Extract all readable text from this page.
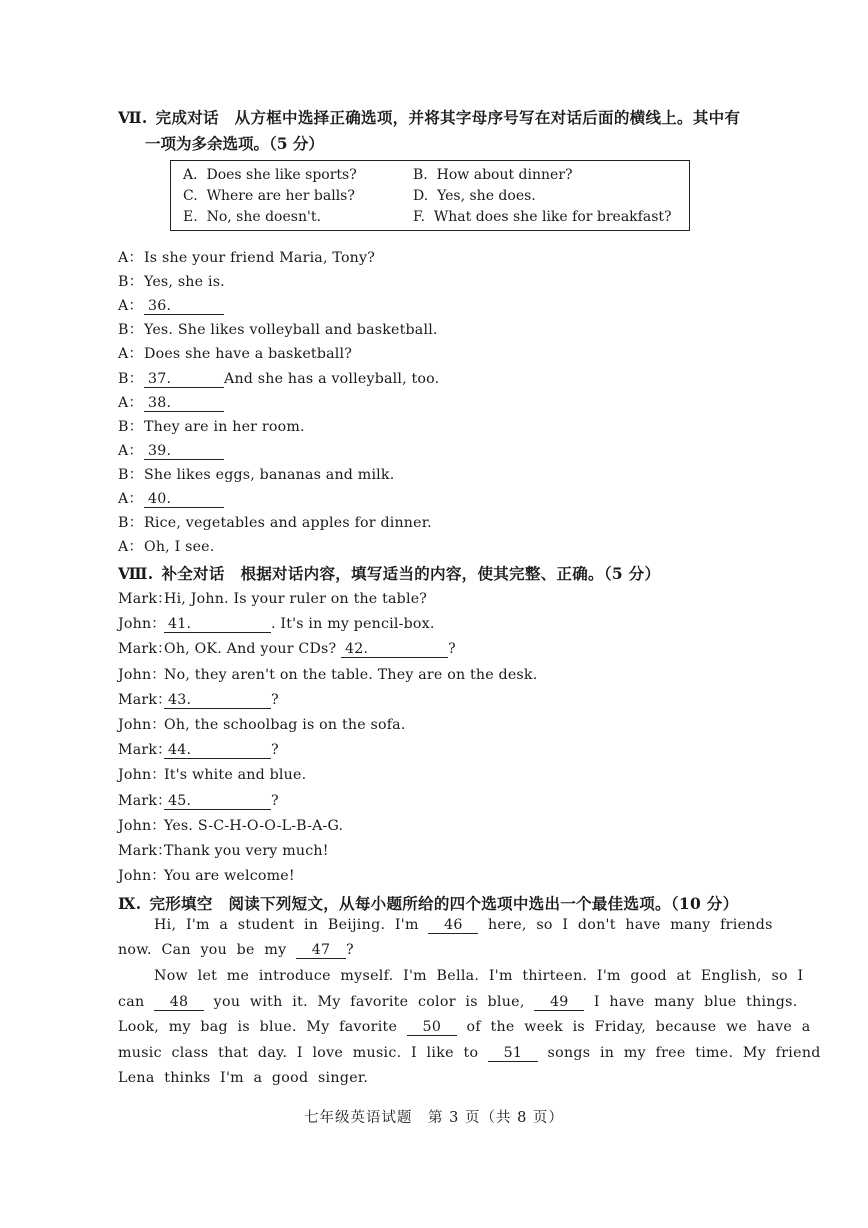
Ⅶ. 完成对话　从方框中选择正确选项，并将其字母序号写在对话后面的横线上。其中有
一项为多余选项。（5 分）
A. Does she like sports?	B. How about dinner?
C. Where are her balls?	D. Yes, she does.
E. No, she doesn't.	F. What does she like for breakfast?
A：Is she your friend Maria, Tony?
B：Yes, she is.
A： 36.
B：Yes. She likes volleyball and basketball.
A：Does she have a basketball?
B： 37.	And she has a volleyball, too.
A： 38.
B：They are in her room.
A： 39.
B：She likes eggs, bananas and milk.
A： 40.
B：Rice, vegetables and apples for dinner.
A：Oh, I see.
Ⅷ. 补全对话　根据对话内容，填写适当的内容，使其完整、正确。（5 分）
Mark：Hi, John. Is your ruler on the table?
John： 41.	. It's in my pencil-box.
Mark：Oh, OK. And your CDs? 42.	?
John：No, they aren't on the table. They are on the desk.
Mark：43.	?
John：Oh, the schoolbag is on the sofa.
Mark：44.	?
John：It's white and blue.
Mark：45.	?
John：Yes. S-C-H-O-O-L-B-A-G.
Mark：Thank you very much!
John：You are welcome!
Ⅸ. 完形填空　阅读下列短文，从每小题所给的四个选项中选出一个最佳选项。（10 分）
Hi,  I'm  a  student  in  Beijing.  I'm  46  here,  so  I  don't  have  many  friends
now.  Can  you  be  my  47 ?
Now  let  me  introduce  myself.  I'm  Bella.  I'm  thirteen.  I'm  good  at  English,  so  I
can  48  you  with  it.  My  favorite  color  is  blue,  49  I  have  many  blue  things.
Look,  my  bag  is  blue.  My  favorite  50  of  the  week  is  Friday,  because  we  have  a
music  class  that  day.  I  love  music.  I  like  to  51  songs  in  my  free  time.  My  friend
Lena  thinks  I'm  a  good  singer.
七年级英语试题　第 3 页（共 8 页）
